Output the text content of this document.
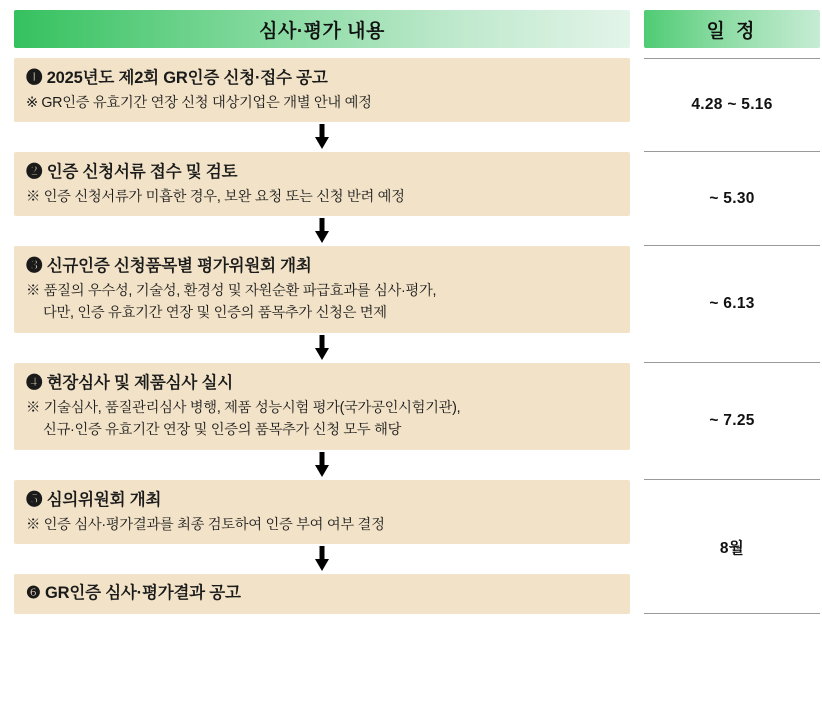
심사·평가 내용	일 정
❶ 2025년도 제2회 GR인증 신청·접수 공고
※ GR인증 유효기간 연장 신청 대상기업은 개별 안내 예정
❷ 인증 신청서류 접수 및 검토
※ 인증 신청서류가 미흡한 경우, 보완 요청 또는 신청 반려 예정
❸ 신규인증 신청품목별 평가위원회 개최
※ 품질의 우수성, 기술성, 환경성 및 자원순환 파급효과를 심사·평가,
다만, 인증 유효기간 연장 및 인증의 품목추가 신청은 면제
❹ 현장심사 및 제품심사 실시
※ 기술심사, 품질관리심사 병행, 제품 성능시험 평가(국가공인시험기관),
신규·인증 유효기간 연장 및 인증의 품목추가 신청 모두 해당
❺ 심의위원회 개최
※ 인증 심사·평가결과를 최종 검토하여 인증 부여 여부 결정
❻ GR인증 심사·평가결과 공고
4.28 ~ 5.16
~ 5.30
~ 6.13
~ 7.25
8월
